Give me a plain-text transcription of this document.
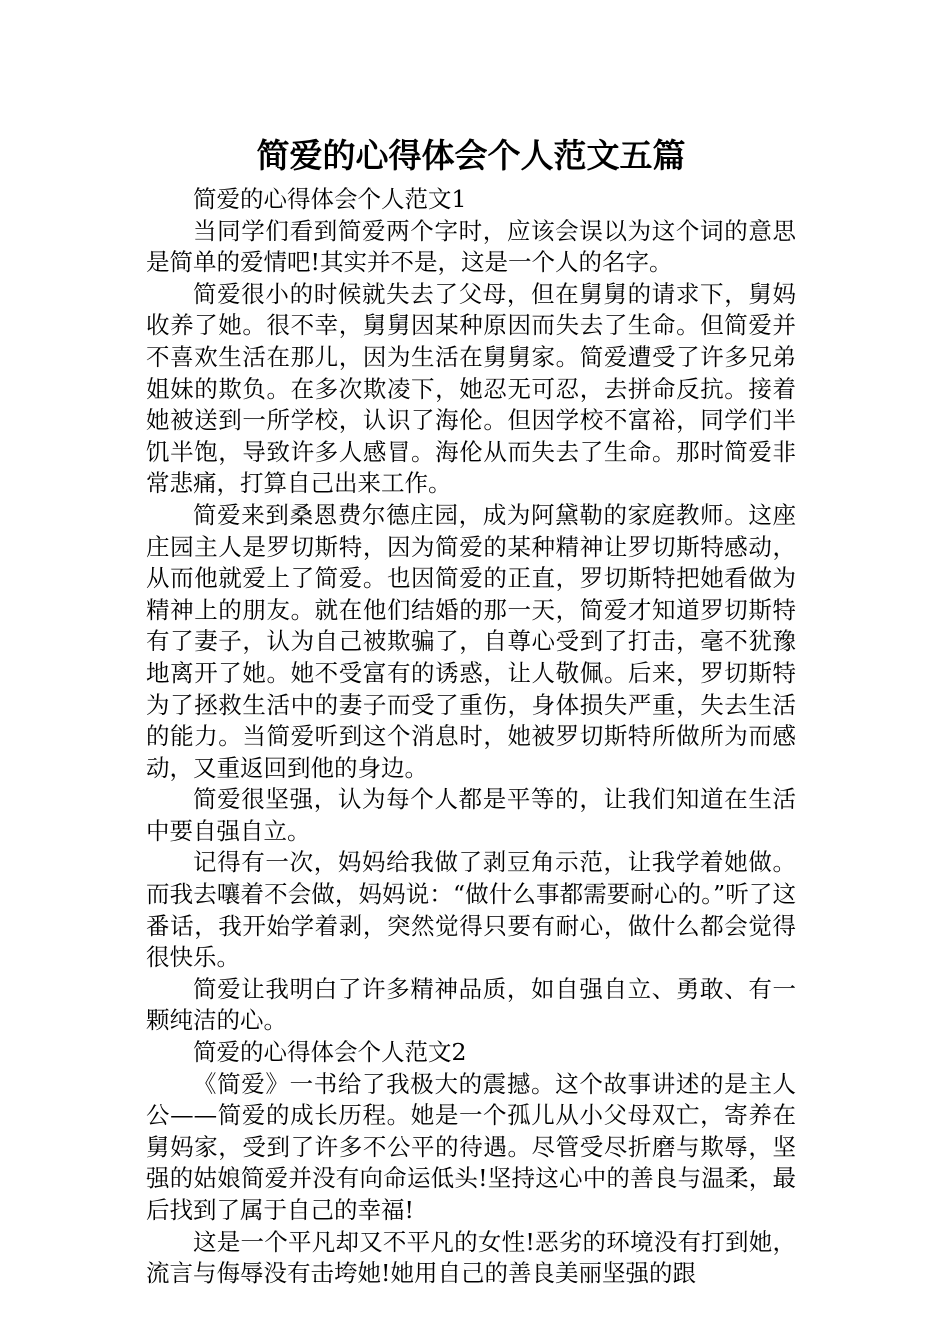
简爱的心得体会个人范文五篇

简爱的心得体会个人范文1

当同学们看到简爱两个字时，应该会误以为这个词的意思是简单的爱情吧!其实并不是，这是一个人的名字。

简爱很小的时候就失去了父母，但在舅舅的请求下，舅妈收养了她。很不幸，舅舅因某种原因而失去了生命。但简爱并不喜欢生活在那儿，因为生活在舅舅家。简爱遭受了许多兄弟姐妹的欺负。在多次欺凌下，她忍无可忍，去拼命反抗。接着她被送到一所学校，认识了海伦。但因学校不富裕，同学们半饥半饱，导致许多人感冒。海伦从而失去了生命。那时简爱非常悲痛，打算自己出来工作。

简爱来到桑恩费尔德庄园，成为阿黛勒的家庭教师。这座庄园主人是罗切斯特，因为简爱的某种精神让罗切斯特感动，从而他就爱上了简爱。也因简爱的正直，罗切斯特把她看做为精神上的朋友。就在他们结婚的那一天，简爱才知道罗切斯特有了妻子，认为自己被欺骗了，自尊心受到了打击，毫不犹豫地离开了她。她不受富有的诱惑，让人敬佩。后来，罗切斯特为了拯救生活中的妻子而受了重伤，身体损失严重，失去生活的能力。当简爱听到这个消息时，她被罗切斯特所做所为而感动，又重返回到他的身边。

简爱很坚强，认为每个人都是平等的，让我们知道在生活中要自强自立。

记得有一次，妈妈给我做了剥豆角示范，让我学着她做。而我去嚷着不会做，妈妈说：“做什么事都需要耐心的。”听了这番话，我开始学着剥，突然觉得只要有耐心，做什么都会觉得很快乐。

简爱让我明白了许多精神品质，如自强自立、勇敢、有一颗纯洁的心。

简爱的心得体会个人范文2

《简爱》一书给了我极大的震撼。这个故事讲述的是主人公——简爱的成长历程。她是一个孤儿从小父母双亡，寄养在舅妈家，受到了许多不公平的待遇。尽管受尽折磨与欺辱，坚强的姑娘简爱并没有向命运低头!坚持这心中的善良与温柔，最后找到了属于自己的幸福!

这是一个平凡却又不平凡的女性!恶劣的环境没有打到她，流言与侮辱没有击垮她!她用自己的善良美丽坚强的跟
